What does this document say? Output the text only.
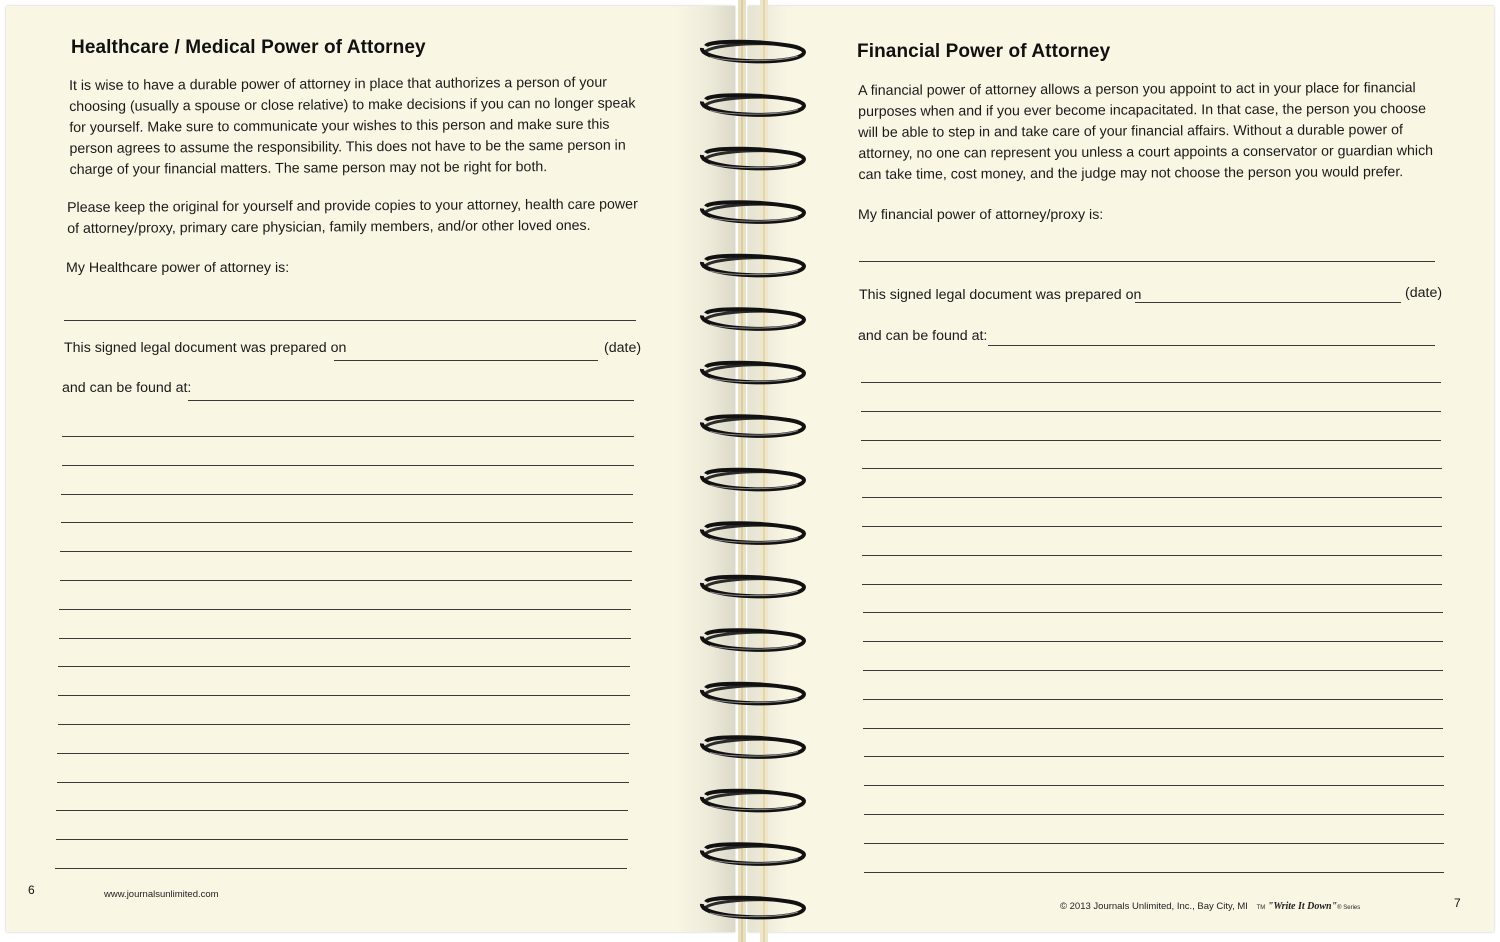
Healthcare / Medical Power of Attorney
It is wise to have a durable power of attorney in place that authorizes a person of your choosing (usually a spouse or close relative) to make decisions if you can no longer speak for yourself. Make sure to communicate your wishes to this person and make sure this person agrees to assume the responsibility. This does not have to be the same person in charge of your financial matters. The same person may not be right for both.
Please keep the original for yourself and provide copies to your attorney, health care power of attorney/proxy, primary care physician, family members, and/or other loved ones.
My Healthcare power of attorney is:
This signed legal document was prepared on	(date)
and can be found at:
6	www.journalsunlimited.com
Financial Power of Attorney
A financial power of attorney allows a person you appoint to act in your place for financial purposes when and if you ever become incapacitated. In that case, the person you choose will be able to step in and take care of your financial affairs. Without a durable power of attorney, no one can represent you unless a court appoints a conservator or guardian which can take time, cost money, and the judge may not choose the person you would prefer.
My financial power of attorney/proxy is:
This signed legal document was prepared on	(date)
and can be found at:
© 2013 Journals Unlimited, Inc., Bay City, MI TM "Write It Down"® Series	7
